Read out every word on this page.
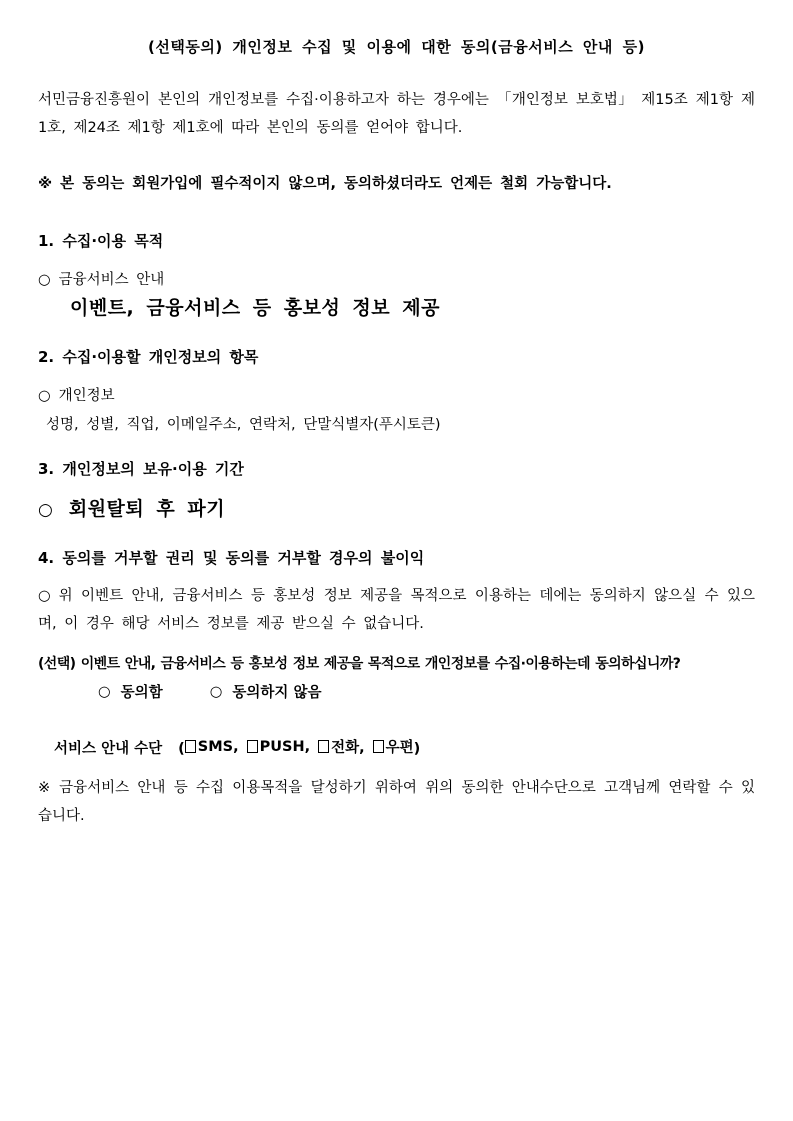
(선택동의) 개인정보 수집 및 이용에 대한 동의(금융서비스 안내 등)
서민금융진흥원이 본인의 개인정보를 수집·이용하고자 하는 경우에는 「개인정보 보호법」 제15조 제1항 제1호, 제24조 제1항 제1호에 따라 본인의 동의를 얻어야 합니다.
※ 본 동의는 회원가입에 필수적이지 않으며, 동의하셨더라도 언제든 철회 가능합니다.
1. 수집·이용 목적
○ 금융서비스 안내
이벤트, 금융서비스 등 홍보성 정보 제공
2. 수집·이용할 개인정보의 항목
○ 개인정보
성명, 성별, 직업, 이메일주소, 연락처, 단말식별자(푸시토큰)
3. 개인정보의 보유·이용 기간
○ 회원탈퇴 후 파기
4. 동의를 거부할 권리 및 동의를 거부할 경우의 불이익
○ 위 이벤트 안내, 금융서비스 등 홍보성 정보 제공을 목적으로 이용하는 데에는 동의하지 않으실 수 있으며, 이 경우 해당 서비스 정보를 제공 받으실 수 없습니다.
(선택) 이벤트 안내, 금융서비스 등 홍보성 정보 제공을 목적으로 개인정보를 수집·이용하는데 동의하십니까?
○ 동의함
	○ 동의하지 않음
서비스 안내 수단 ( SMS, PUSH, 전화, 우편 )
※ 금융서비스 안내 등 수집 이용목적을 달성하기 위하여 위의 동의한 안내수단으로 고객님께 연락할 수 있습니다.
